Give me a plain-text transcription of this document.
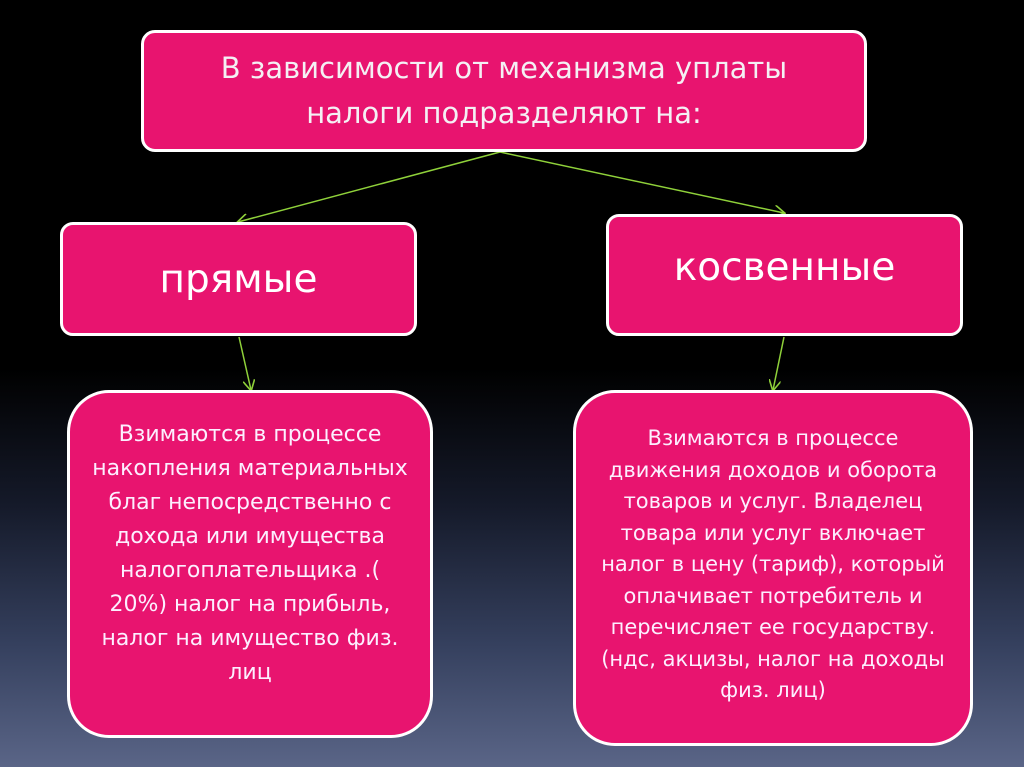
В зависимости от механизма уплаты налоги подразделяют на:
прямые	косвенные
Взимаются в процессе накопления материальных благ непосредственно с дохода или имущества налогоплательщика .( 20%) налог на прибыль, налог на имущество физ. лиц
Взимаются в процессе движения доходов и оборота товаров и услуг. Владелец товара или услуг включает налог в цену (тариф), который оплачивает потребитель и перечисляет ее государству.(ндс, акцизы, налог на доходы физ. лиц)
